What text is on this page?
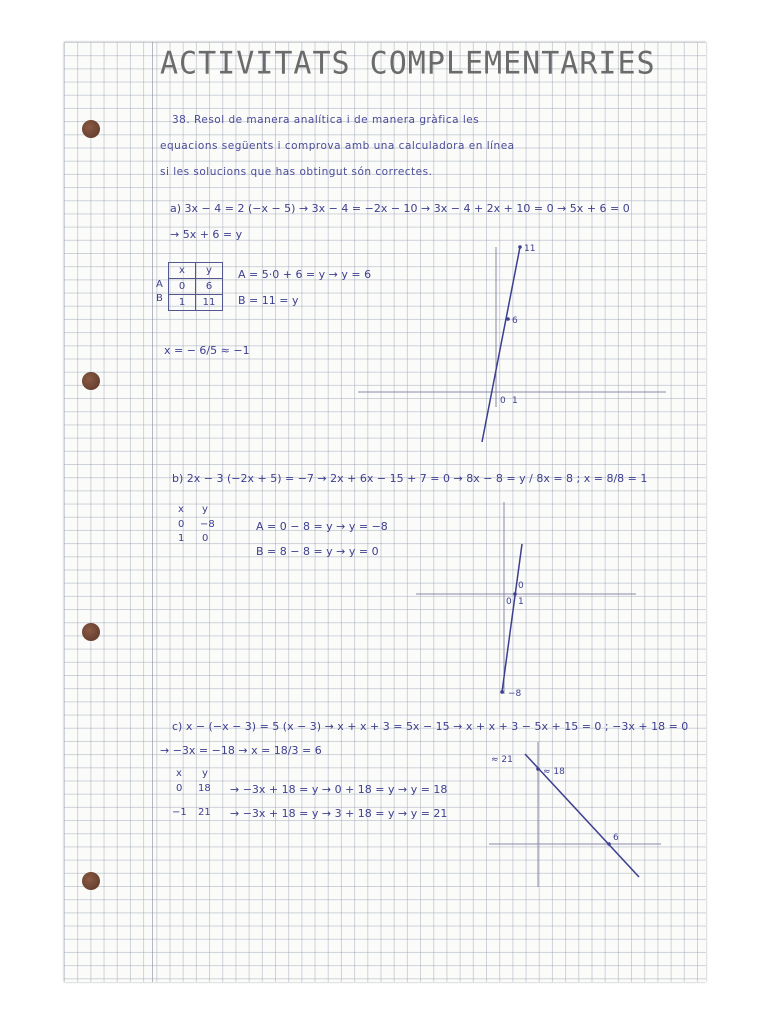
ACTIVITATS COMPLEMENTARIES
38. Resol de manera analítica i de manera gràfica les
equacions següents i comprova amb una calculadora en línea
si les solucions que has obtingut són correctes.
a) 3x − 4 = 2 (−x − 5) → 3x − 4 = −2x − 10 → 3x − 4 + 2x + 10 = 0 → 5x + 6 = 0
→ 5x + 6 = y
A
B
x	y
0	6
1	11
A = 5·0 + 6 = y → y = 6
B = 11 = y
x = − 6/5 ≈ −1
11
6
0 1
b) 2x − 3 (−2x + 5) = −7 → 2x + 6x − 15 + 7 = 0 → 8x − 8 = y / 8x = 8 ; x = 8/8 = 1
x y
0 −8
1 0
A = 0 − 8 = y → y = −8
B = 8 − 8 = y → y = 0
0
0 1
−8
c) x − (−x − 3) = 5 (x − 3) → x + x + 3 = 5x − 15 → x + x + 3 − 5x + 15 = 0 ; −3x + 18 = 0
→ −3x = −18 → x = 18/3 = 6
x y
0 18
−1 21
→ −3x + 18 = y → 0 + 18 = y → y = 18
→ −3x + 18 = y → 3 + 18 = y → y = 21
≈ 21
≈ 18
6
